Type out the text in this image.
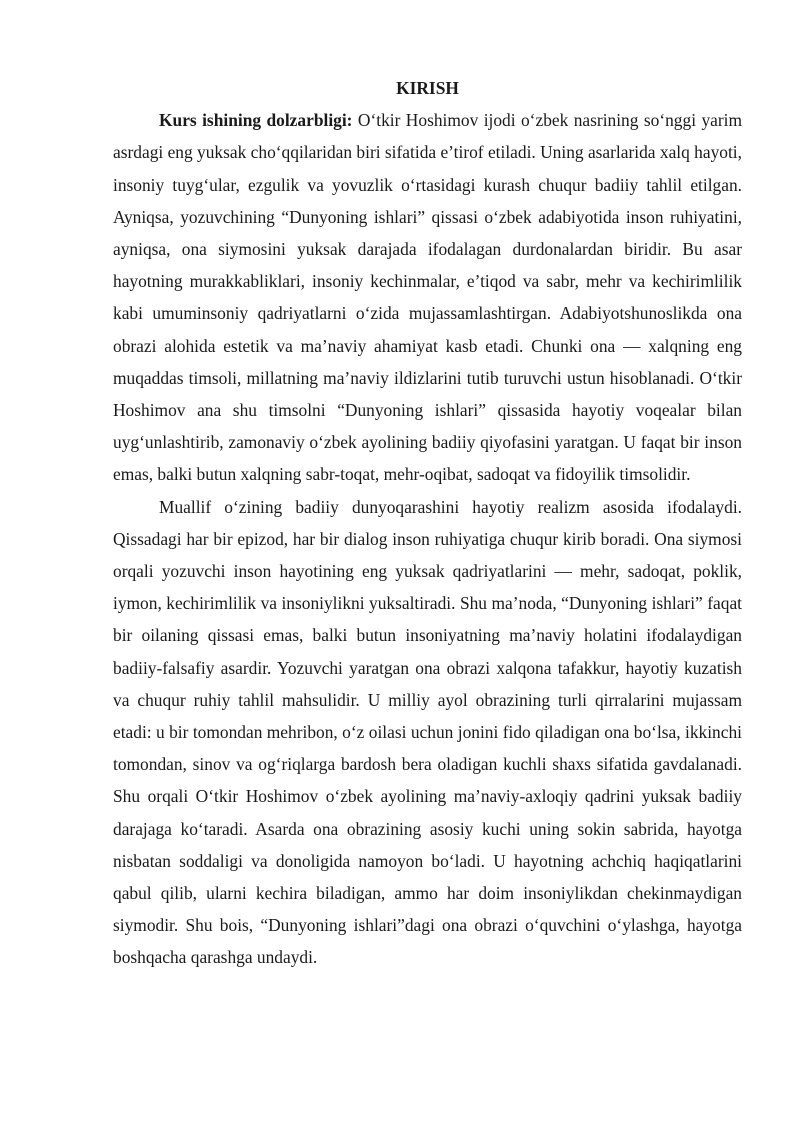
KIRISH

Kurs ishining dolzarbligi: O‘tkir Hoshimov ijodi o‘zbek nasrining so‘nggi yarim asrdagi eng yuksak cho‘qqilaridan biri sifatida e’tirof etiladi. Uning asarlarida xalq hayoti, insoniy tuyg‘ular, ezgulik va yovuzlik o‘rtasidagi kurash chuqur badiiy tahlil etilgan. Ayniqsa, yozuvchining “Dunyoning ishlari” qissasi o‘zbek adabiyotida inson ruhiyatini, ayniqsa, ona siymosini yuksak darajada ifodalagan durdonalardan biridir. Bu asar hayotning murakkabliklari, insoniy kechinmalar, e’tiqod va sabr, mehr va kechirimlilik kabi umuminsoniy qadriyatlarni o‘zida mujassamlashtirgan. Adabiyotshunoslikda ona obrazi alohida estetik va ma’naviy ahamiyat kasb etadi. Chunki ona — xalqning eng muqaddas timsoli, millatning ma’naviy ildizlarini tutib turuvchi ustun hisoblanadi. O‘tkir Hoshimov ana shu timsolni “Dunyoning ishlari” qissasida hayotiy voqealar bilan uyg‘unlashtirib, zamonaviy o‘zbek ayolining badiiy qiyofasini yaratgan. U faqat bir inson emas, balki butun xalqning sabr-toqat, mehr-oqibat, sadoqat va fidoyilik timsolidir.

Muallif o‘zining badiiy dunyoqarashini hayotiy realizm asosida ifodalaydi. Qissadagi har bir epizod, har bir dialog inson ruhiyatiga chuqur kirib boradi. Ona siymosi orqali yozuvchi inson hayotining eng yuksak qadriyatlarini — mehr, sadoqat, poklik, iymon, kechirimlilik va insoniylikni yuksaltiradi. Shu ma’noda, “Dunyoning ishlari” faqat bir oilaning qissasi emas, balki butun insoniyatning ma’naviy holatini ifodalaydigan badiiy-falsafiy asardir. Yozuvchi yaratgan ona obrazi xalqona tafakkur, hayotiy kuzatish va chuqur ruhiy tahlil mahsulidir. U milliy ayol obrazining turli qirralarini mujassam etadi: u bir tomondan mehribon, o‘z oilasi uchun jonini fido qiladigan ona bo‘lsa, ikkinchi tomondan, sinov va og‘riqlarga bardosh bera oladigan kuchli shaxs sifatida gavdalanadi. Shu orqali O‘tkir Hoshimov o‘zbek ayolining ma’naviy-axloqiy qadrini yuksak badiiy darajaga ko‘taradi. Asarda ona obrazining asosiy kuchi uning sokin sabrida, hayotga nisbatan soddaligi va donoligida namoyon bo‘ladi. U hayotning achchiq haqiqatlarini qabul qilib, ularni kechira biladigan, ammo har doim insoniylikdan chekinmaydigan siymodir. Shu bois, “Dunyoning ishlari”dagi ona obrazi o‘quvchini o‘ylashga, hayotga boshqacha qarashga undaydi.
